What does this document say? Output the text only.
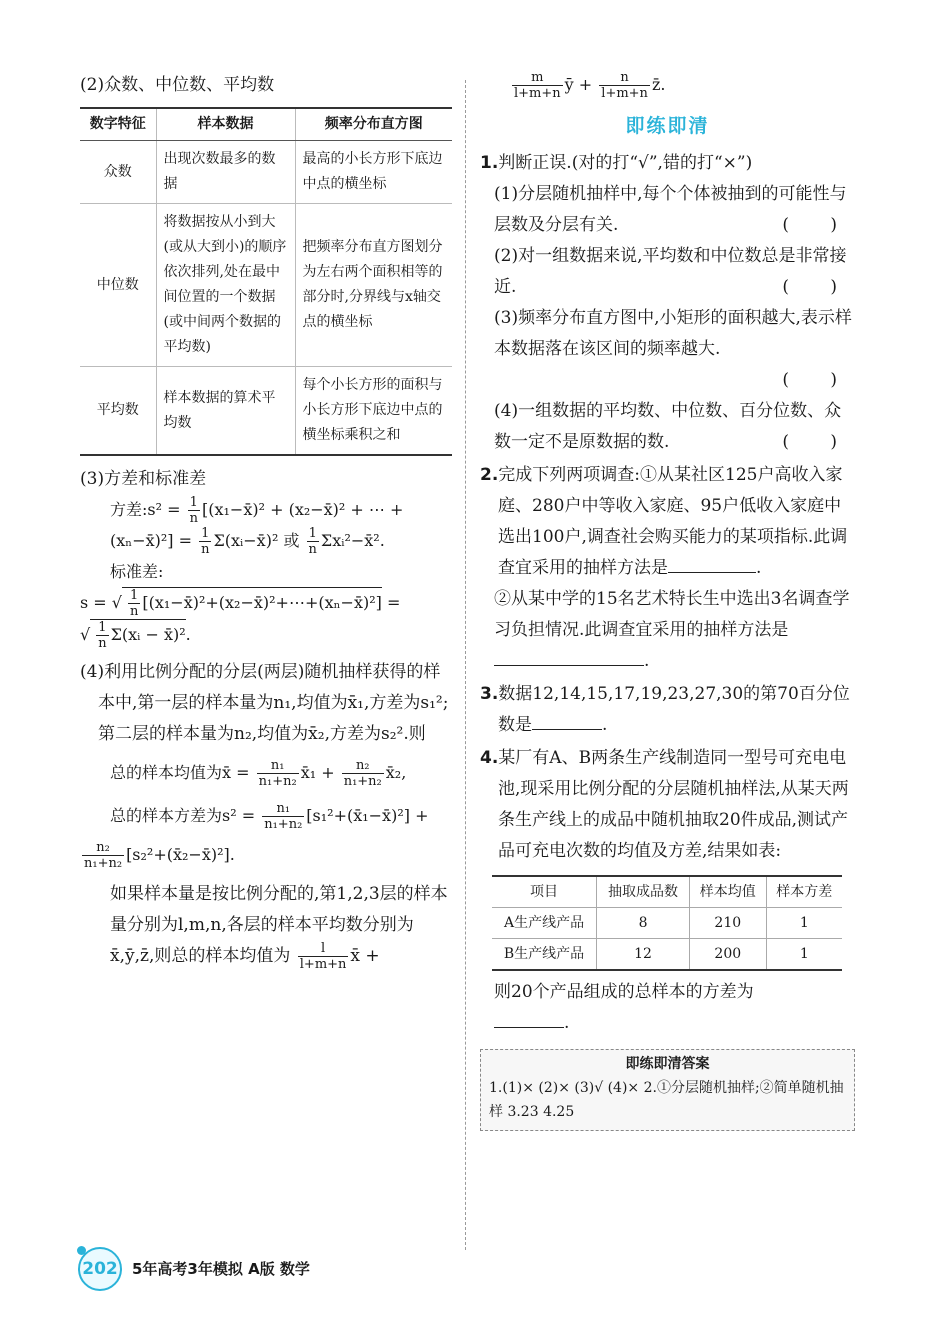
(2)众数、中位数、平均数
数字特征	样本数据	频率分布直方图
众数	出现次数最多的数据	最高的小长方形下底边中点的横坐标
中位数	将数据按从小到大(或从大到小)的顺序依次排列,处在最中间位置的一个数据(或中间两个数据的平均数)	把频率分布直方图划分为左右两个面积相等的部分时,分界线与x轴交点的横坐标
平均数	样本数据的算术平均数	每个小长方形的面积与小长方形下底边中点的横坐标乘积之和
(3)方差和标准差
方差:s² = $\frac{1}{n}$ [(x₁−x̄)² + (x₂−x̄)² + ⋯ + (xₙ−x̄)²] = $\frac{1}{n}$ Σ(xᵢ−x̄)² 或 $\frac{1}{n}$ Σxᵢ²−x̄².
标准差:
s = √ $\frac{1}{n}$ [(x₁−x̄)²+(x₂−x̄)²+⋯+(xₙ−x̄)²] =
√ $\frac{1}{n}$ Σ(xᵢ − x̄)².
(4)利用比例分配的分层(两层)随机抽样获得的样本中,第一层的样本量为n₁,均值为x̄₁,方差为s₁²;第二层的样本量为n₂,均值为x̄₂,方差为s₂².则
总的样本均值为x̄ = $\frac{\text{n₁}}{\text{n₁+n₂}}$ x̄₁ + $\frac{\text{n₂}}{\text{n₁+n₂}}$ x̄₂,
总的样本方差为$s^2 = \frac{\text{n₁}}{\text{n₁+n₂}}$ [s₁²+(x̄₁−x̄)²] +
$\frac{\text{n₂}}{\text{n₁+n₂}}$ [s₂²+(x̄₂−x̄)²].
如果样本量是按比例分配的,第1,2,3层的样本量分别为l,m,n,各层的样本平均数分别为x̄,ȳ,z̄,则总的样本均值为 $\frac{l}{l+m+n}$ x̄ +
$\frac{m}{l+m+n}$ ȳ + $\frac{n}{l+m+n}$ z̄.
即练即清
1.判断正误.(对的打“√”,错的打“×”)
(1)分层随机抽样中,每个个体被抽到的可能性与层数及分层有关.	( )
(2)对一组数据来说,平均数和中位数总是非常接近.	( )
(3)频率分布直方图中,小矩形的面积越大,表示样本数据落在该区间的频率越大.

( )

(4)一组数据的平均数、中位数、百分位数、众数一定不是原数据的数.	( )
2.完成下列两项调查:①从某社区125户高收入家庭、280户中等收入家庭、95户低收入家庭中选出100户,调查社会购买能力的某项指标.此调查宜采用的抽样方法是	.
②从某中学的15名艺术特长生中选出3名调查学习负担情况.此调查宜采用的抽样方法是
.
3.数据12,14,15,17,19,23,27,30的第70百分位数是	.
4.某厂有A、B两条生产线制造同一型号可充电电池,现采用比例分配的分层随机抽样法,从某天两条生产线上的成品中随机抽取20件成品,测试产品可充电次数的均值及方差,结果如表:
项目	抽取成品数	样本均值	样本方差
A生产线产品	8	210	1
B生产线产品	12	200	1
则20个产品组成的总样本的方差为
.
即练即清答案
1.(1)× (2)× (3)√ (4)× 2.①分层随机抽样;②简单随机抽样 3.23 4.25
202 5年高考3年模拟 A版 数学
